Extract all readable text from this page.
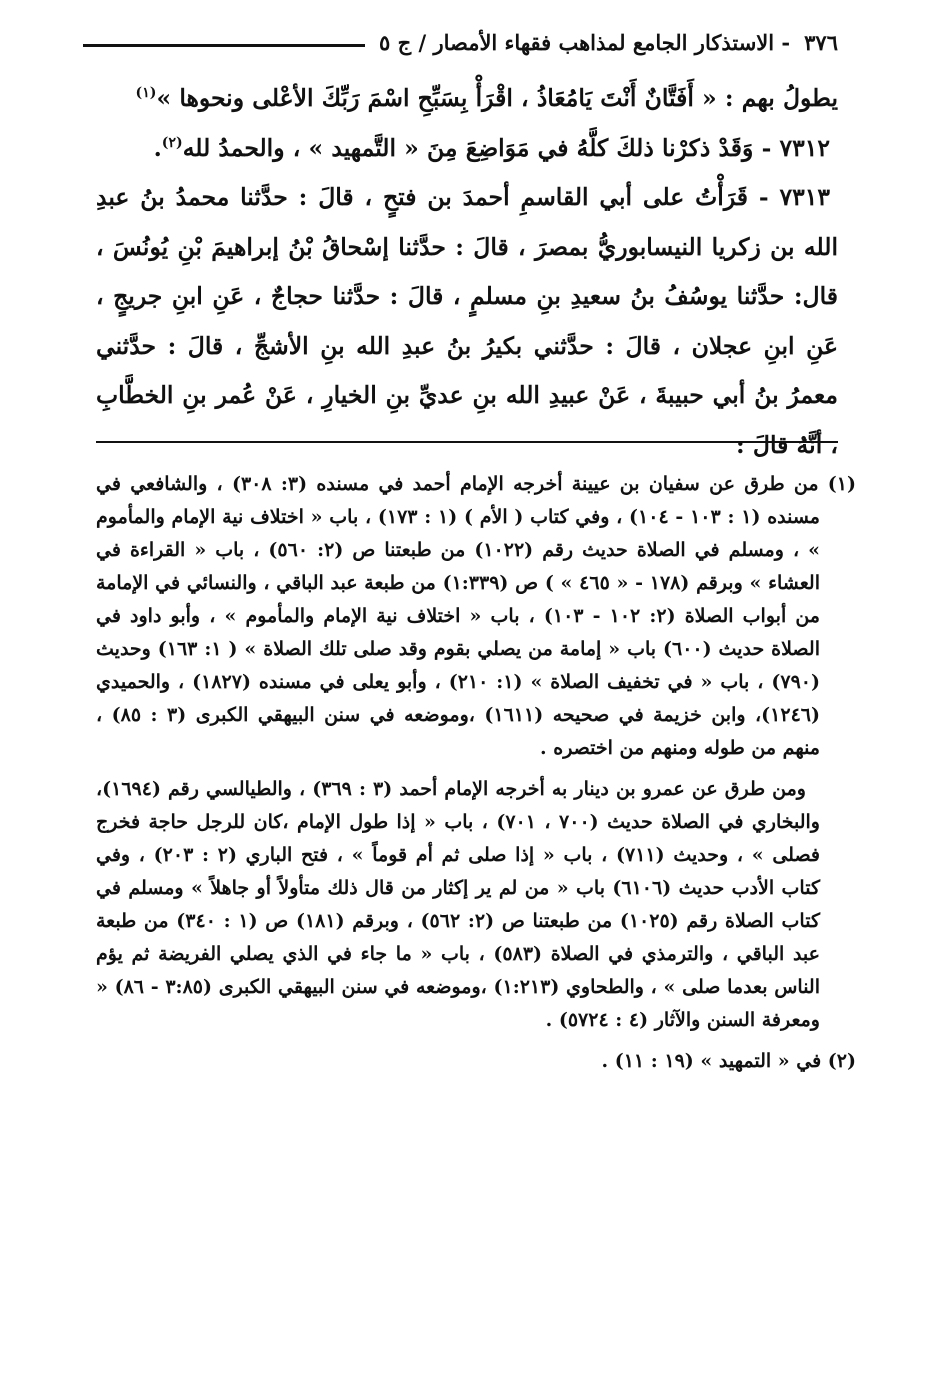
٣٧٦
- الاستذكار الجامع لمذاهب فقهاء الأمصار / ج ٥

يطولُ بهم : « أَفَتَّانٌ أَنْتَ يَامُعَاذُ ، اقْرَأْ بِسَبِّحِ اسْمَ رَبِّكَ الأعْلى ونحوها »$^{(١)}$

٧٣١٢ - وَقَدْ ذكرْنا ذلكَ كلَّهُ في مَوَاضِعَ مِنَ « التَّمهيد » ، والحمدُ لله$^{(٢)}$.

٧٣١٣ - قَرَأْتُ على أبي القاسمِ أحمدَ بن فتحٍ ، قالَ : حدَّثنا محمدُ بنُ عبدِ الله بن زكريا النيسابوريُّ بمصرَ ، قالَ : حدَّثنا إسْحاقُ بْنُ إبراهيمَ بْنِ يُونُسَ ، قال: حدَّثنا يوسُفُ بنُ سعيدِ بنِ مسلمٍ ، قالَ : حدَّثنا حجاجٌ ، عَنِ ابنِ جريجٍ ، عَنِ ابنِ عجلان ، قالَ : حدَّثني بكيرُ بنُ عبدِ الله بنِ الأشجِّ ، قالَ : حدَّثني معمرُ بنُ أبي حبيبةَ ، عَنْ عبيدِ الله بنِ عديِّ بنِ الخيارِ ، عَنْ عُمر بنِ الخطَّابِ ، أنَّهُ قالَ :

(١) من طرق عن سفيان بن عيينة أخرجه الإمام أحمد في مسنده (٣: ٣٠٨) ، والشافعي في مسنده (١ : ١٠٣ - ١٠٤) ، وفي كتاب ( الأم ) (١ : ١٧٣) ، باب « اختلاف نية الإمام والمأموم » ، ومسلم في الصلاة حديث رقم (١٠٢٢) من طبعتنا ص (٢: ٥٦٠) ، باب « القراءة في العشاء » وبرقم (١٧٨ - « ٤٦٥ » ) ص (١:٣٣٩) من طبعة عبد الباقي ، والنسائي في الإمامة من أبواب الصلاة (٢: ١٠٢ - ١٠٣) ، باب « اختلاف نية الإمام والمأموم » ، وأبو داود في الصلاة حديث (٦٠٠) باب « إمامة من يصلي بقوم وقد صلى تلك الصلاة » ( ١: ١٦٣) وحديث (٧٩٠) ، باب « في تخفيف الصلاة » (١: ٢١٠) ، وأبو يعلى في مسنده (١٨٢٧) ، والحميدي (١٢٤٦)، وابن خزيمة في صحيحه (١٦١١) ،وموضعه في سنن البيهقي الكبرى (٣ : ٨٥) ، منهم من طوله ومنهم من اختصره .

ومن طرق عن عمرو بن دينار به أخرجه الإمام أحمد (٣ : ٣٦٩) ، والطيالسي رقم (١٦٩٤)، والبخاري في الصلاة حديث (٧٠٠ ، ٧٠١) ، باب « إذا طول الإمام ،كان للرجل حاجة فخرج فصلى » ، وحديث (٧١١) ، باب « إذا صلى ثم أم قوماً » ، فتح الباري (٢ : ٢٠٣) ، وفي كتاب الأدب حديث (٦١٠٦) باب « من لم ير إكثار من قال ذلك متأولاً أو جاهلاً » ومسلم في كتاب الصلاة رقم (١٠٢٥) من طبعتنا ص (٢: ٥٦٢) ، وبرقم (١٨١) ص (١ : ٣٤٠) من طبعة عبد الباقي ، والترمذي في الصلاة (٥٨٣) ، باب « ما جاء في الذي يصلي الفريضة ثم يؤم الناس بعدما صلى » ، والطحاوي (١:٢١٣) ،وموضعه في سنن البيهقي الكبرى (٣:٨٥ - ٨٦) « ومعرفة السنن والآثار (٤ : ٥٧٢٤) .

(٢) في « التمهيد » (١٩ : ١١) .
